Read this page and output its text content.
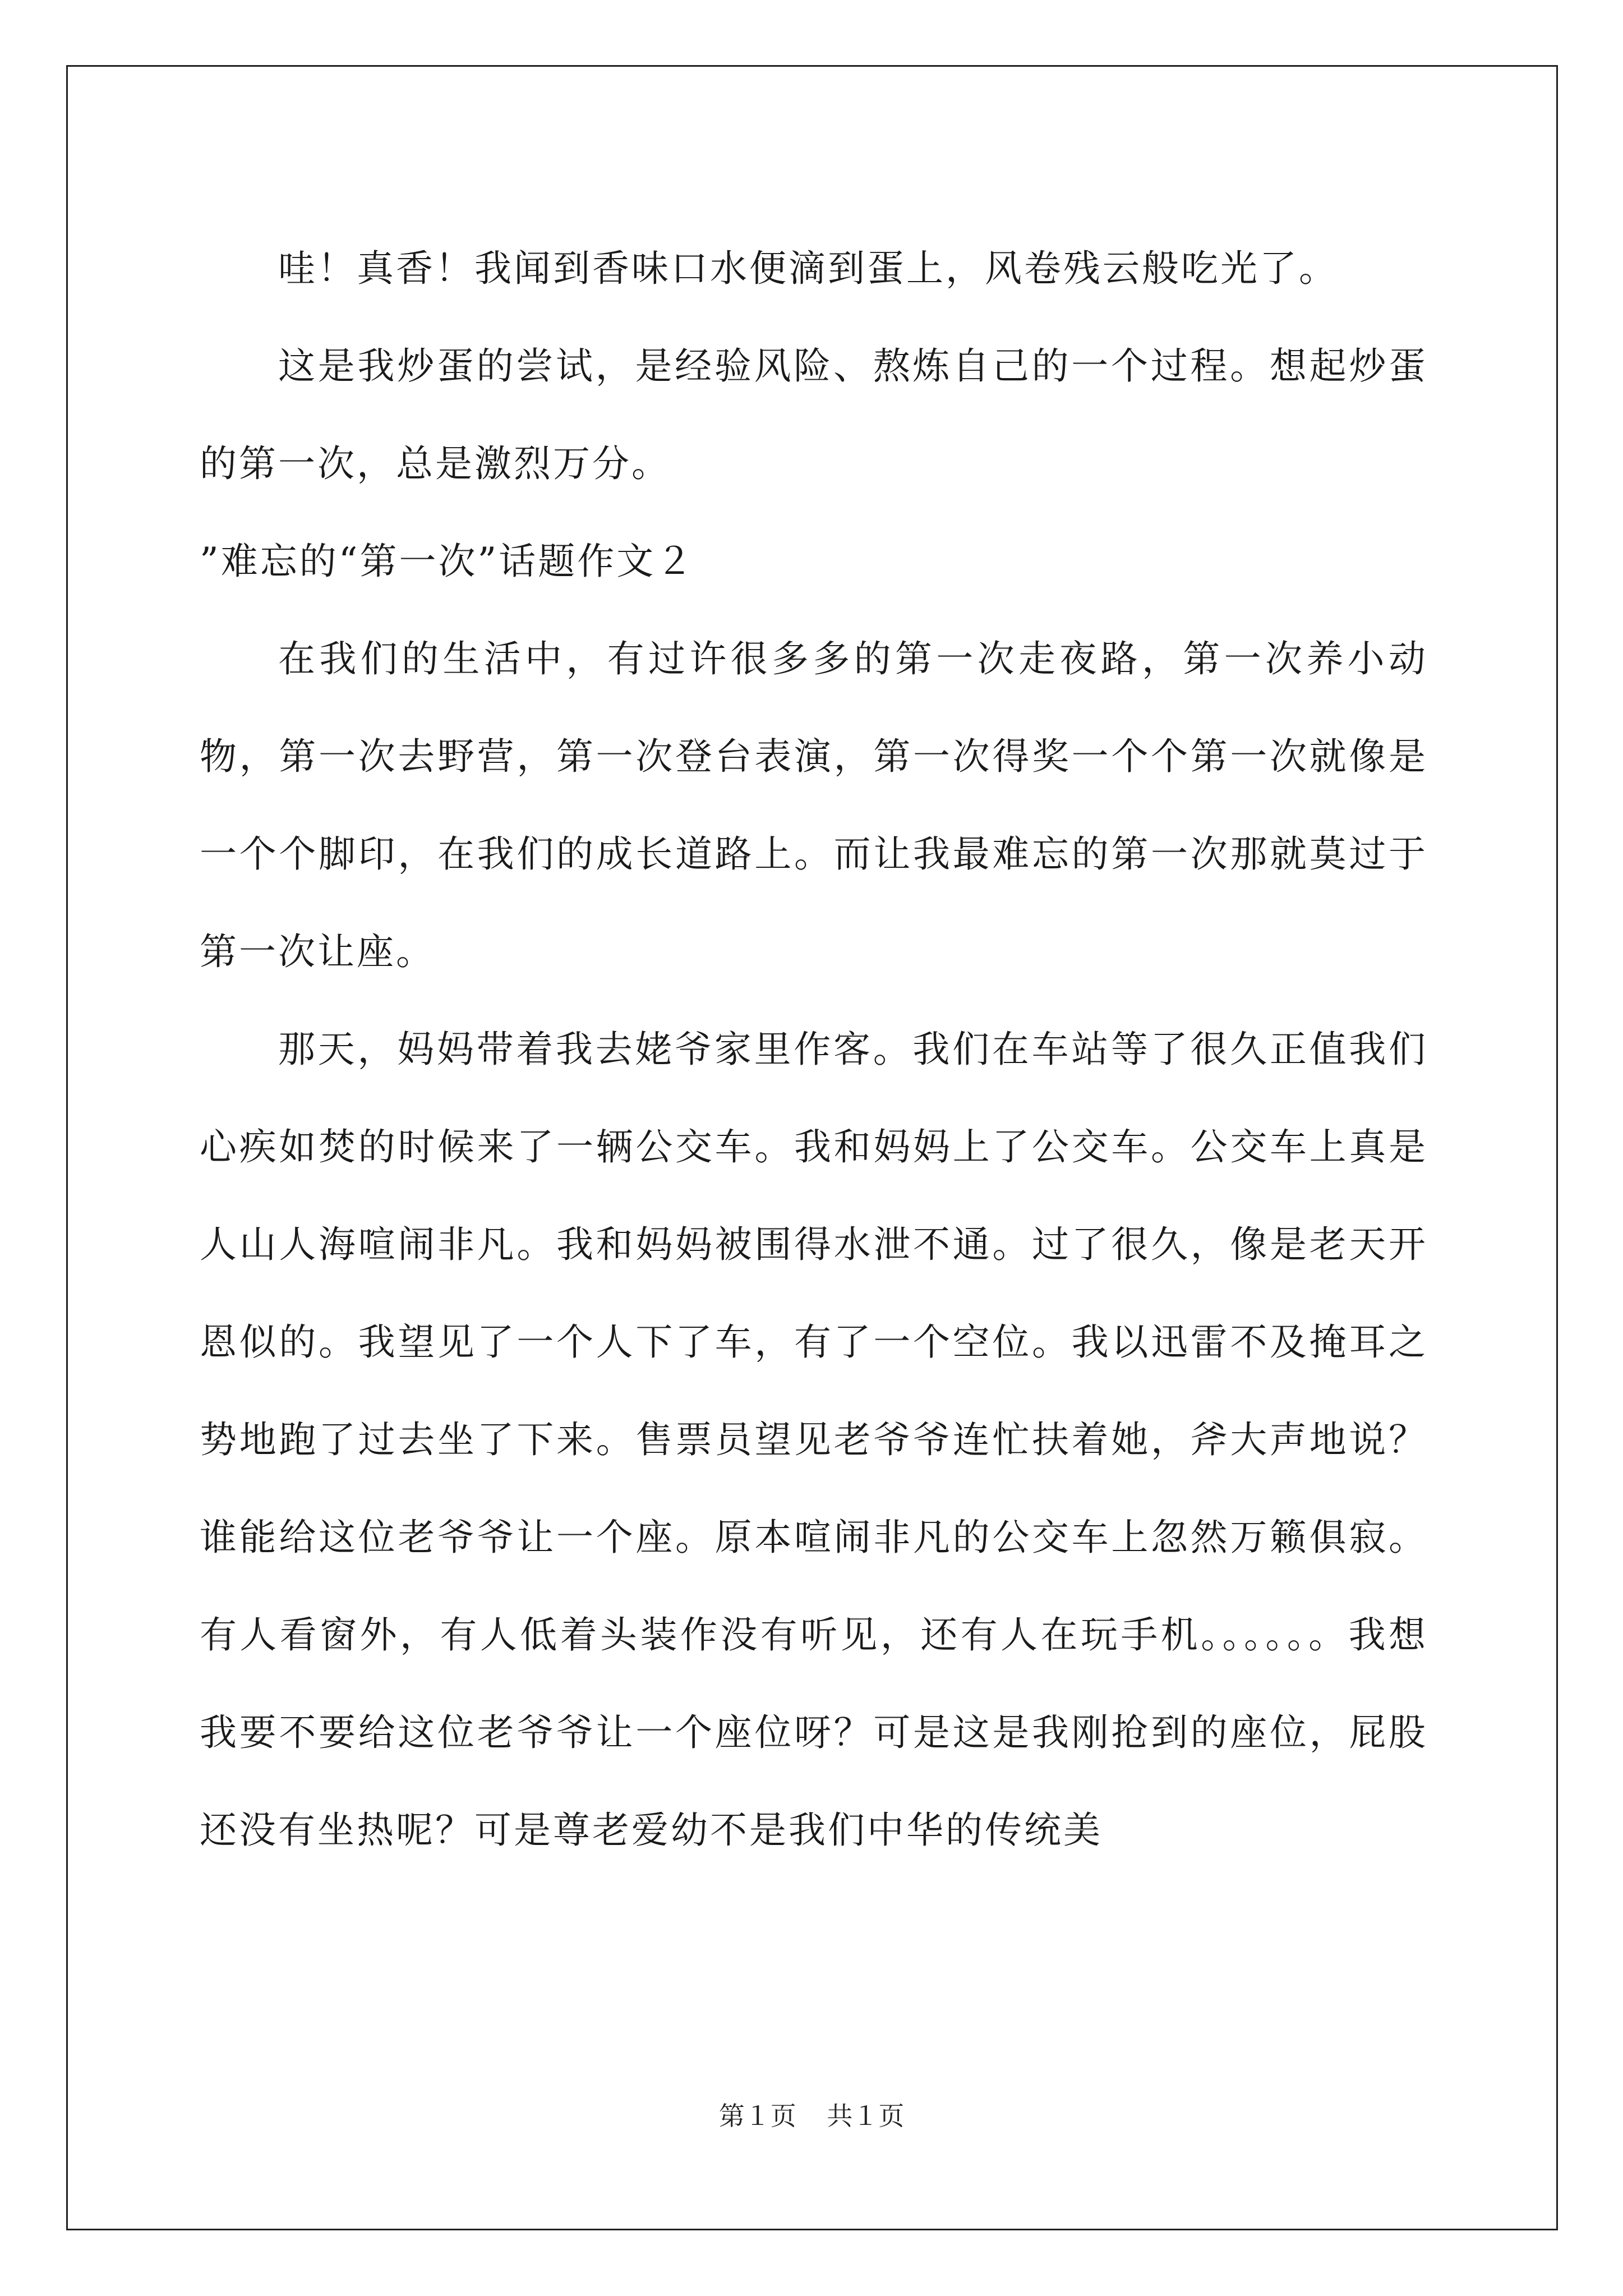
哇！真香！我闻到香味口水便滴到蛋上，风卷残云般吃光了。

这是我炒蛋的尝试，是经验风险、熬炼自己的一个过程。想起炒蛋的第一次，总是激烈万分。

”难忘的“第一次”话题作文２

在我们的生活中，有过许很多多的第一次走夜路，第一次养小动物，第一次去野营，第一次登台表演，第一次得奖一个个第一次就像是一个个脚印，在我们的成长道路上。而让我最难忘的第一次那就莫过于第一次让座。

那天，妈妈带着我去姥爷家里作客。我们在车站等了很久正值我们心疾如焚的时候来了一辆公交车。我和妈妈上了公交车。公交车上真是人山人海喧闹非凡。我和妈妈被围得水泄不通。过了很久，像是老天开恩似的。我望见了一个人下了车，有了一个空位。我以迅雷不及掩耳之势地跑了过去坐了下来。售票员望见老爷爷连忙扶着她，斧大声地说？谁能给这位老爷爷让一个座。原本喧闹非凡的公交车上忽然万籁俱寂。有人看窗外，有人低着头装作没有听见，还有人在玩手机。。。。。。我想我要不要给这位老爷爷让一个座位呀？可是这是我刚抢到的座位，屁股还没有坐热呢？可是尊老爱幼不是我们中华的传统美

第１页 共１页
